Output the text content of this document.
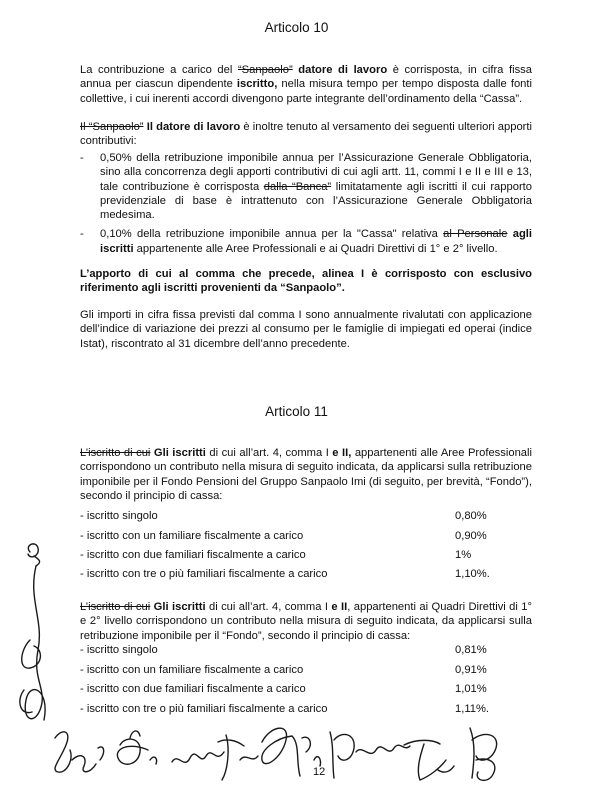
Articolo 10
La contribuzione a carico del “Sanpaolo” datore di lavoro è corrisposta, in cifra fissa annua per ciascun dipendente iscritto, nella misura tempo per tempo disposta dalle fonti collettive, i cui inerenti accordi divengono parte integrante dell’ordinamento della “Cassa”.
Il “Sanpaolo” Il datore di lavoro è inoltre tenuto al versamento dei seguenti ulteriori apporti contributivi:
- 0,50% della retribuzione imponibile annua per l’Assicurazione Generale Obbligatoria, sino alla concorrenza degli apporti contributivi di cui agli artt. 11, commi I e II e III e 13, tale contribuzione è corrisposta dalla “Banca” limitatamente agli iscritti il cui rapporto previdenziale di base è intrattenuto con l’Assicurazione Generale Obbligatoria medesima.
- 0,10% della retribuzione imponibile annua per la "Cassa" relativa al Personale agli iscritti appartenente alle Aree Professionali e ai Quadri Direttivi di 1° e 2° livello.
L’apporto di cui al comma che precede, alinea I è corrisposto con esclusivo riferimento agli iscritti provenienti da “Sanpaolo”.
Gli importi in cifra fissa previsti dal comma I sono annualmente rivalutati con applicazione dell’indice di variazione dei prezzi al consumo per le famiglie di impiegati ed operai (indice Istat), riscontrato al 31 dicembre dell’anno precedente.
Articolo 11
L’iscritto di cui Gli iscritti di cui all’art. 4, comma I e II, appartenenti alle Aree Professionali corrispondono un contributo nella misura di seguito indicata, da applicarsi sulla retribuzione imponibile per il Fondo Pensioni del Gruppo Sanpaolo Imi (di seguito, per brevità, “Fondo”), secondo il principio di cassa:
- iscritto singolo	0,80%
- iscritto con un familiare fiscalmente a carico	0,90%
- iscritto con due familiari fiscalmente a carico	1%
- iscritto con tre o più familiari fiscalmente a carico	1,10%.
L’iscritto di cui Gli iscritti di cui all’art. 4, comma I e II, appartenenti ai Quadri Direttivi di 1° e 2° livello corrispondono un contributo nella misura di seguito indicata, da applicarsi sulla retribuzione imponibile per il “Fondo”, secondo il principio di cassa:
- iscritto singolo	0,81%
- iscritto con un familiare fiscalmente a carico	0,91%
- iscritto con due familiari fiscalmente a carico	1,01%
- iscritto con tre o più familiari fiscalmente a carico	1,11%.
12
